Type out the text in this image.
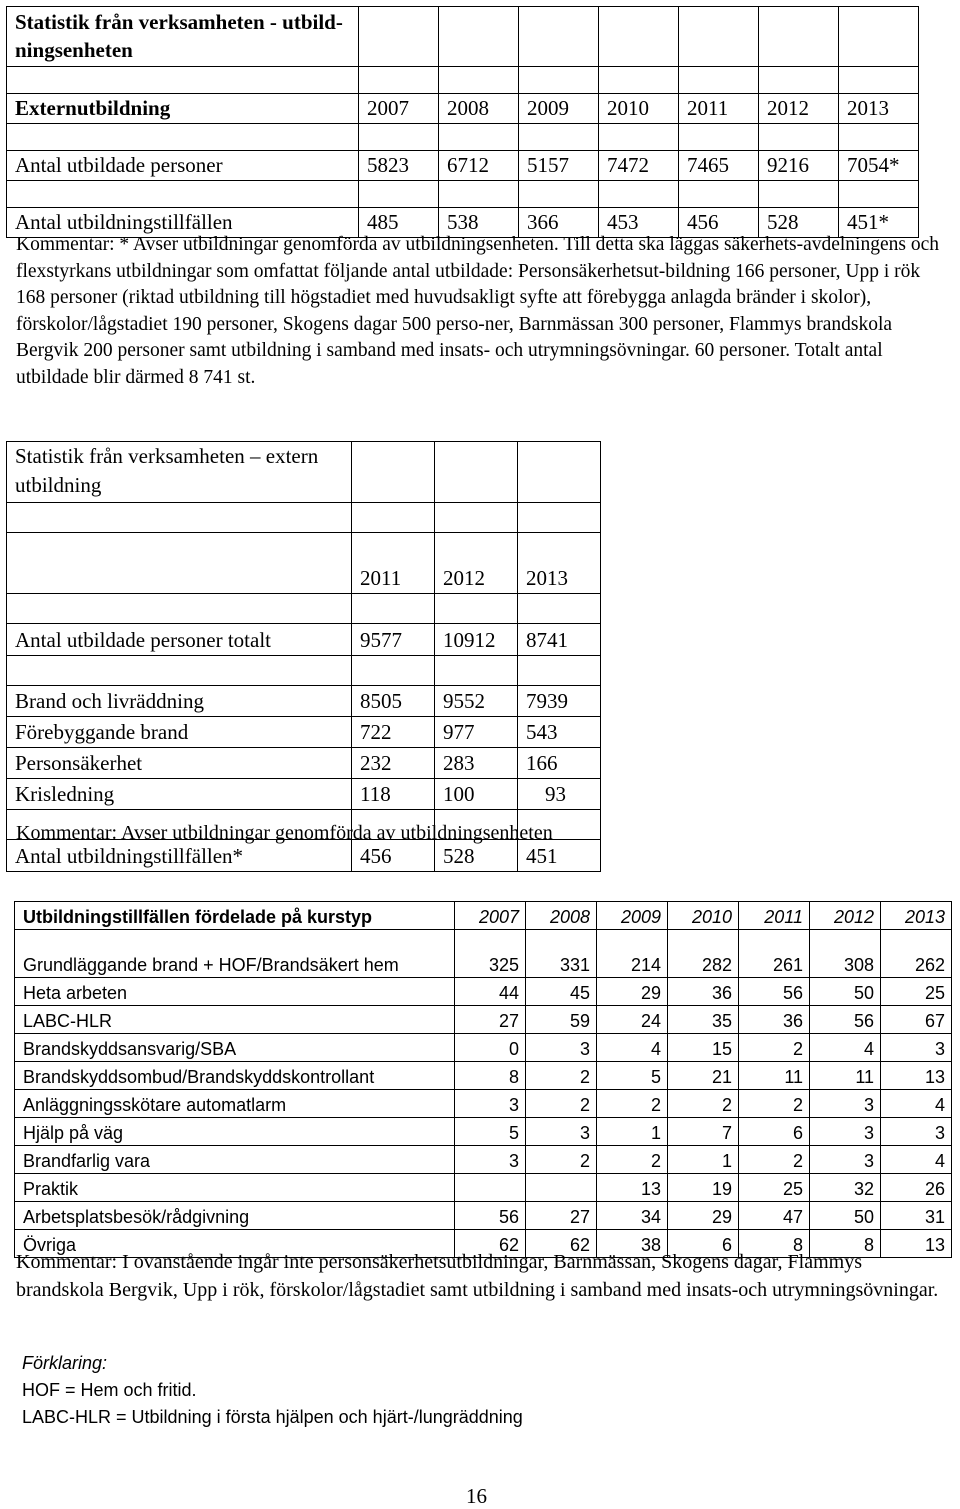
Statistik från verksamheten - utbild- ningsenheten							

Externutbildning	2007	2008	2009	2010	2011	2012	2013

Antal utbildade personer	5823	6712	5157	7472	7465	9216	7054*

Antal utbildningstillfällen	485	538	366	453	456	528	451*
Kommentar: * Avser utbildningar genomförda av utbildningsenheten. Till detta ska läggas säkerhets-avdelningens och flexstyrkans utbildningar som omfattat följande antal utbildade: Personsäkerhetsut-bildning 166 personer, Upp i rök 168 personer (riktad utbildning till högstadiet med huvudsakligt syfte att förebygga anlagda bränder i skolor), förskolor/lågstadiet 190 personer, Skogens dagar 500 perso-ner, Barnmässan 300 personer, Flammys brandskola Bergvik 200 personer samt utbildning i samband med insats- och utrymningsövningar. 60 personer. Totalt antal utbildade blir därmed 8 741 st.
Statistik från verksamheten – extern utbildning			

	2011	2012	2013

Antal utbildade personer totalt	9577	10912	8741

Brand och livräddning	8505	9552	7939
Förebyggande brand	722	977	543
Personsäkerhet	232	283	166
Krisledning	118	100	93

Antal utbildningstillfällen*	456	528	451
Kommentar: Avser utbildningar genomförda av utbildningsenheten
Utbildningstillfällen fördelade på kurstyp	2007	2008	2009	2010	2011	2012	2013
Grundläggande brand + HOF/Brandsäkert hem	325	331	214	282	261	308	262
Heta arbeten	44	45	29	36	56	50	25
LABC-HLR	27	59	24	35	36	56	67
Brandskyddsansvarig/SBA	0	3	4	15	2	4	3
Brandskyddsombud/Brandskyddskontrollant	8	2	5	21	11	11	13
Anläggningsskötare automatlarm	3	2	2	2	2	3	4
Hjälp på väg	5	3	1	7	6	3	3
Brandfarlig vara	3	2	2	1	2	3	4
Praktik			13	19	25	32	26
Arbetsplatsbesök/rådgivning	56	27	34	29	47	50	31
Övriga	62	62	38	6	8	8	13
Kommentar: I ovanstående ingår inte personsäkerhetsutbildningar, Barnmässan, Skogens dagar, Flammys brandskola Bergvik, Upp i rök, förskolor/lågstadiet samt utbildning i samband med insats-och utrymningsövningar.
Förklaring:
HOF = Hem och fritid.
LABC-HLR = Utbildning i första hjälpen och hjärt-/lungräddning
16
